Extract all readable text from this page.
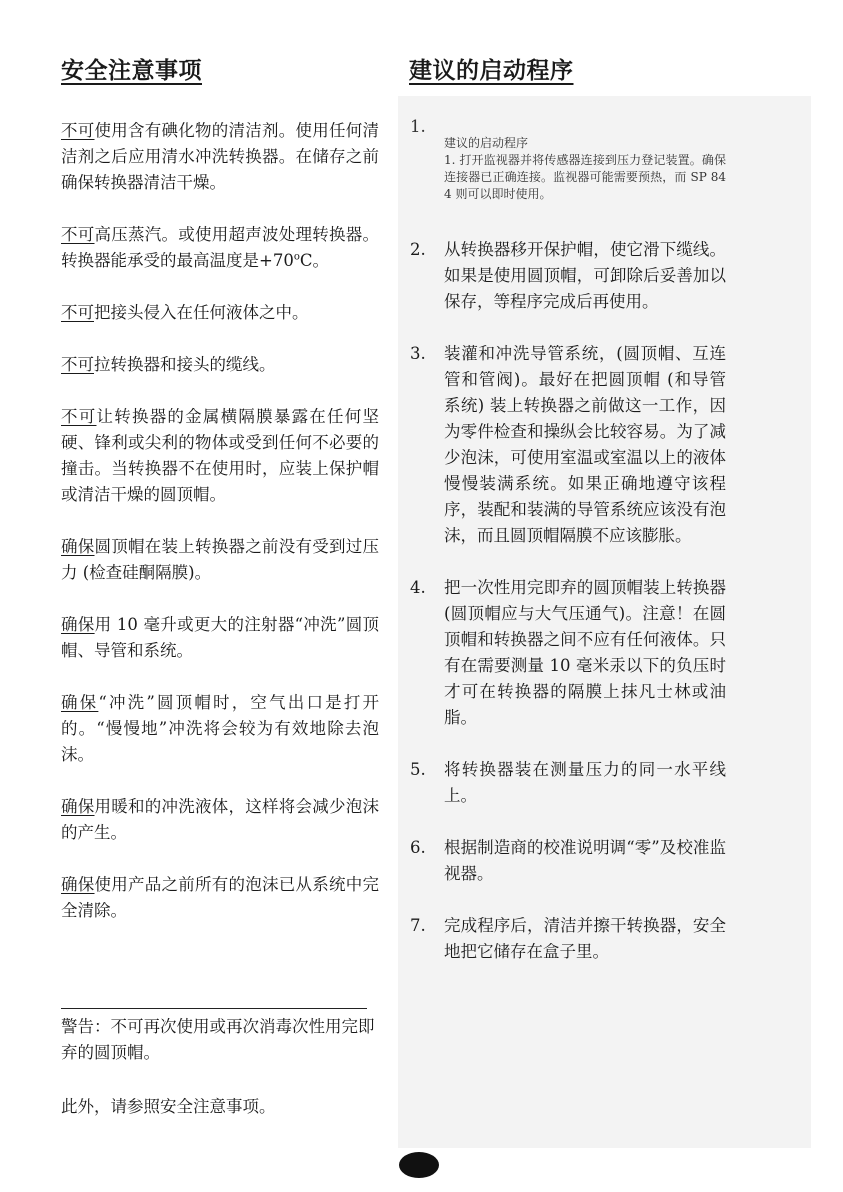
安全注意事项	建议的启动程序

不可使用含有碘化物的清洁剂。使用任何清洁剂之后应用清水冲洗转换器。在储存之前确保转换器清洁干燥。

不可高压蒸汽。或使用超声波处理转换器。转换器能承受的最高温度是$+70^oC$。

不可把接头侵入在任何液体之中。

不可拉转换器和接头的缆线。

不可让转换器的金属横隔膜暴露在任何坚硬、锋利或尖利的物体或受到任何不必要的撞击。当转换器不在使用时，应装上保护帽或清洁干燥的圆顶帽。

确保圆顶帽在装上转换器之前没有受到过压力 (检查硅酮隔膜)。

确保用 10 毫升或更大的注射器“冲洗”圆顶帽、导管和系统。

确保“冲洗”圆顶帽时，空气出口是打开的。“慢慢地”冲洗将会较为有效地除去泡沫。

确保用暖和的冲洗液体，这样将会减少泡沫的产生。

确保使用产品之前所有的泡沫已从系统中完全清除。

警告：不可再次使用或再次消毒次性用完即弃的圆顶帽。
此外，请参照安全注意事项。

1.
建议的启动程序
1. 打开监视器并将传感器连接到压力登记装置。确保连接器已正确连接。监视器可能需要预热，而 SP 844 则可以即时使用。

2. 从转换器移开保护帽，使它滑下缆线。如果是使用圆顶帽，可卸除后妥善加以保存，等程序完成后再使用。
3. 装灌和冲洗导管系统，(圆顶帽、互连管和管阀)。最好在把圆顶帽 (和导管系统) 装上转换器之前做这一工作，因为零件检查和操纵会比较容易。为了减少泡沫，可使用室温或室温以上的液体慢慢装满系统。如果正确地遵守该程序，装配和装满的导管系统应该没有泡沫，而且圆顶帽隔膜不应该膨胀。
4. 把一次性用完即弃的圆顶帽装上转换器 (圆顶帽应与大气压通气)。注意！在圆顶帽和转换器之间不应有任何液体。只有在需要测量 10 毫米汞以下的负压时才可在转换器的隔膜上抹凡士林或油脂。
5. 将转换器装在测量压力的同一水平线上。
6. 根据制造商的校准说明调“零”及校准监视器。
7. 完成程序后，清洁并擦干转换器，安全地把它储存在盒子里。
